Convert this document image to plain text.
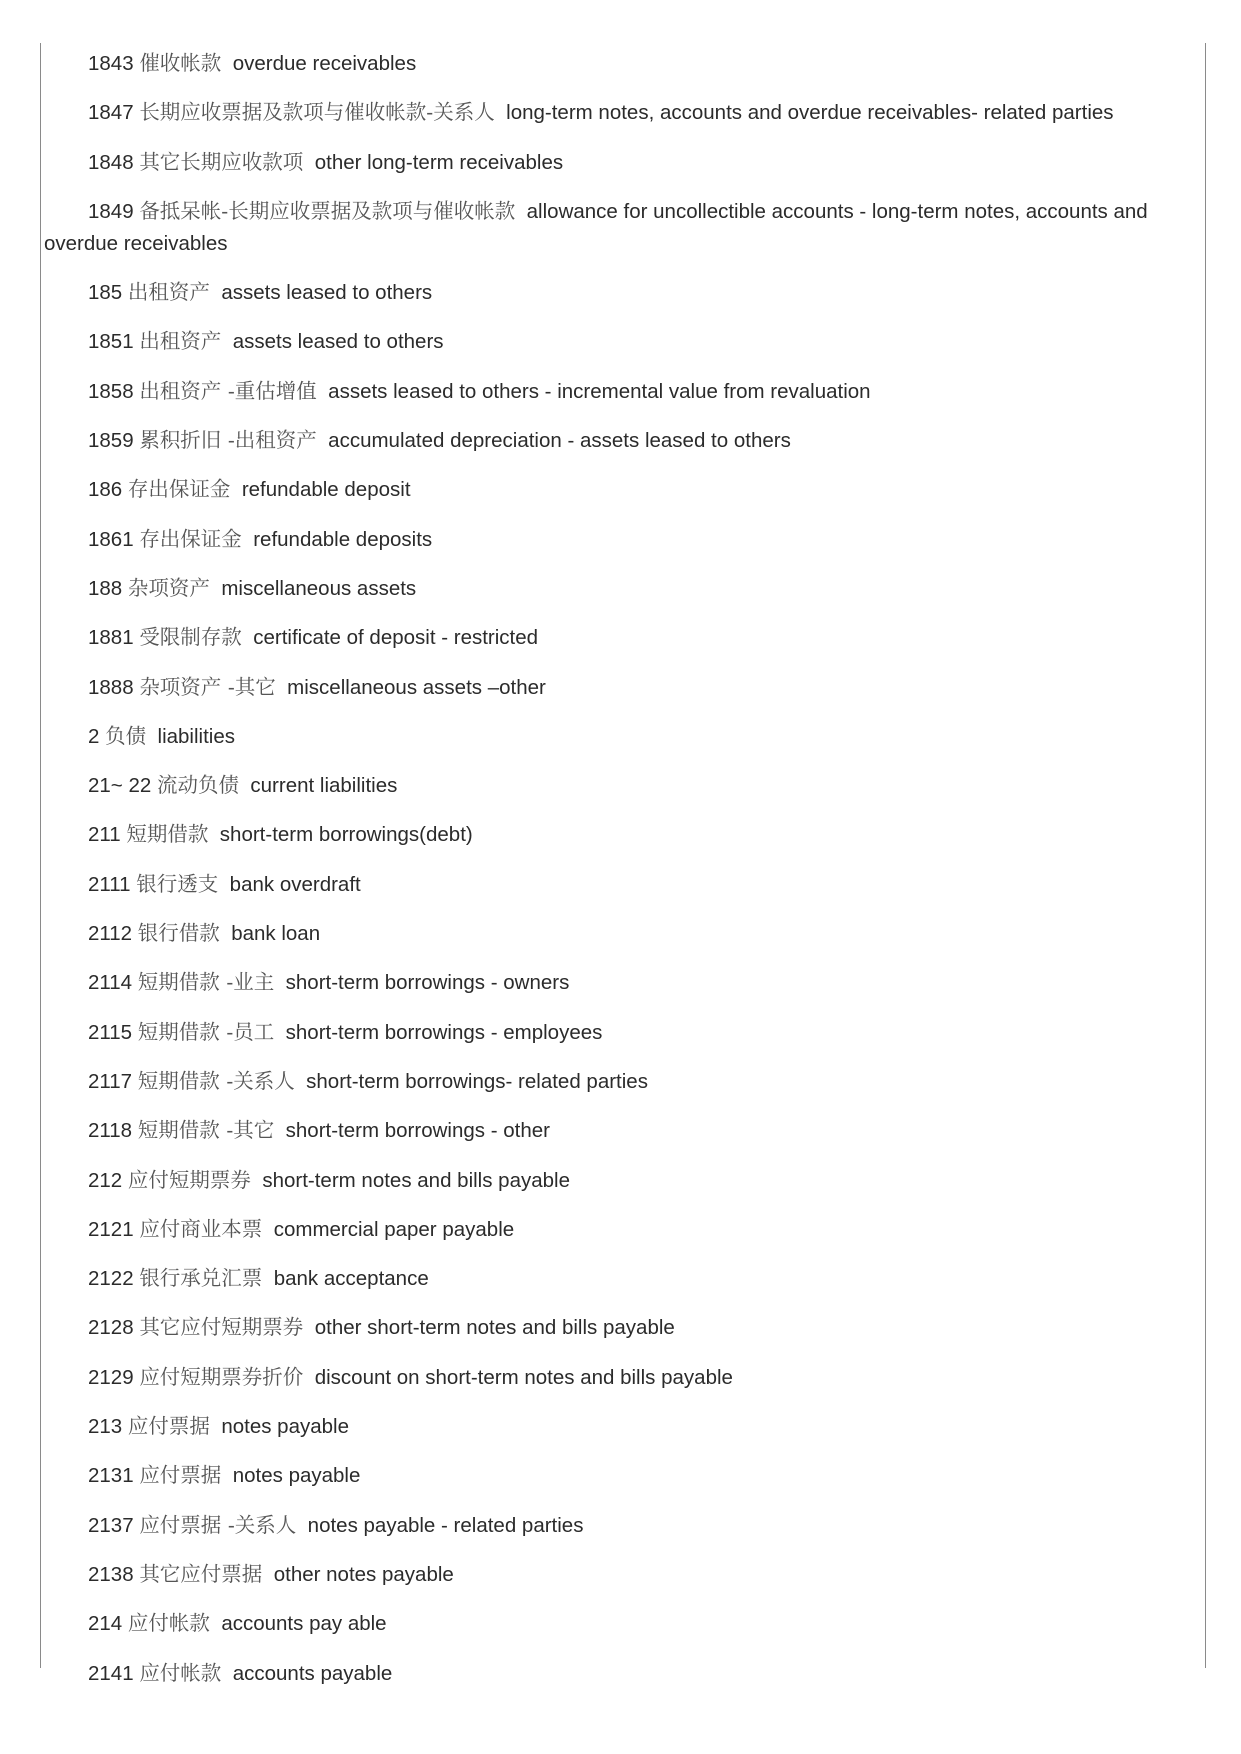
1843 催收帐款 overdue receivables

1847 长期应收票据及款项与催收帐款-关系人 long-term notes, accounts and overdue receivables- related parties

1848 其它长期应收款项 other long-term receivables

1849 备抵呆帐-长期应收票据及款项与催收帐款 allowance for uncollectible accounts - long-term notes, accounts and overdue receivables

185 出租资产 assets leased to others

1851 出租资产 assets leased to others

1858 出租资产 -重估增值 assets leased to others - incremental value from revaluation

1859 累积折旧 -出租资产 accumulated depreciation - assets leased to others

186 存出保证金 refundable deposit

1861 存出保证金 refundable deposits

188 杂项资产 miscellaneous assets

1881 受限制存款 certificate of deposit - restricted

1888 杂项资产 -其它 miscellaneous assets –other

2 负债 liabilities

21~ 22 流动负债 current liabilities

211 短期借款 short-term borrowings(debt)

2111 银行透支 bank overdraft

2112 银行借款 bank loan

2114 短期借款 -业主 short-term borrowings - owners

2115 短期借款 -员工 short-term borrowings - employees

2117 短期借款 -关系人 short-term borrowings- related parties

2118 短期借款 -其它 short-term borrowings - other

212 应付短期票券 short-term notes and bills payable

2121 应付商业本票 commercial paper payable

2122 银行承兑汇票 bank acceptance

2128 其它应付短期票券 other short-term notes and bills payable

2129 应付短期票券折价 discount on short-term notes and bills payable

213 应付票据 notes payable

2131 应付票据 notes payable

2137 应付票据 -关系人 notes payable - related parties

2138 其它应付票据 other notes payable

214 应付帐款 accounts pay able

2141 应付帐款 accounts payable
